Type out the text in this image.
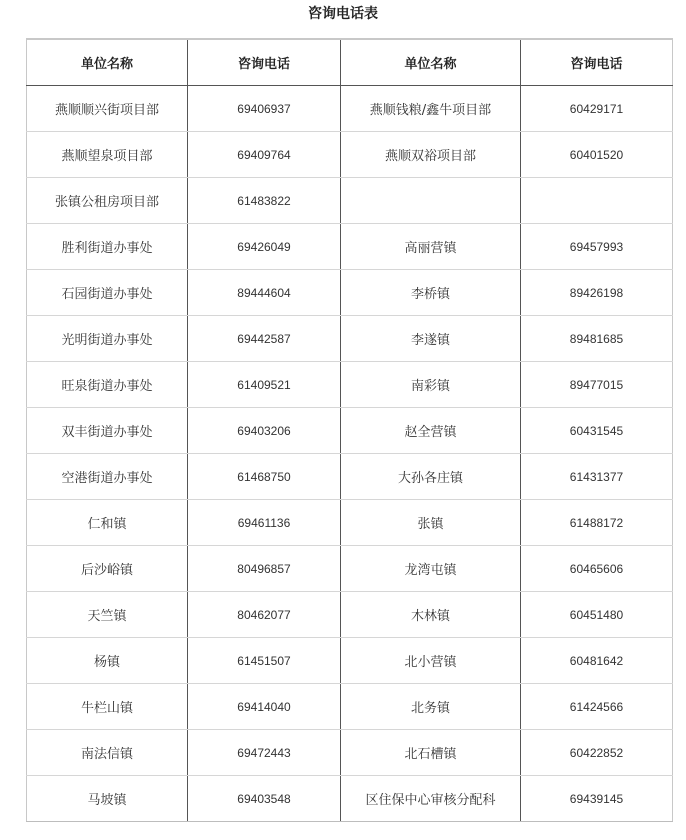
咨询电话表
单位名称	咨询电话	单位名称	咨询电话
燕顺顺兴街项目部	69406937	燕顺钱粮/鑫牛项目部	60429171
燕顺望泉项目部	69409764	燕顺双裕项目部	60401520
张镇公租房项目部	61483822		
胜利街道办事处	69426049	高丽营镇	69457993
石园街道办事处	89444604	李桥镇	89426198
光明街道办事处	69442587	李遂镇	89481685
旺泉街道办事处	61409521	南彩镇	89477015
双丰街道办事处	69403206	赵全营镇	60431545
空港街道办事处	61468750	大孙各庄镇	61431377
仁和镇	69461136	张镇	61488172
后沙峪镇	80496857	龙湾屯镇	60465606
天竺镇	80462077	木林镇	60451480
杨镇	61451507	北小营镇	60481642
牛栏山镇	69414040	北务镇	61424566
南法信镇	69472443	北石槽镇	60422852
马坡镇	69403548	区住保中心审核分配科	69439145
